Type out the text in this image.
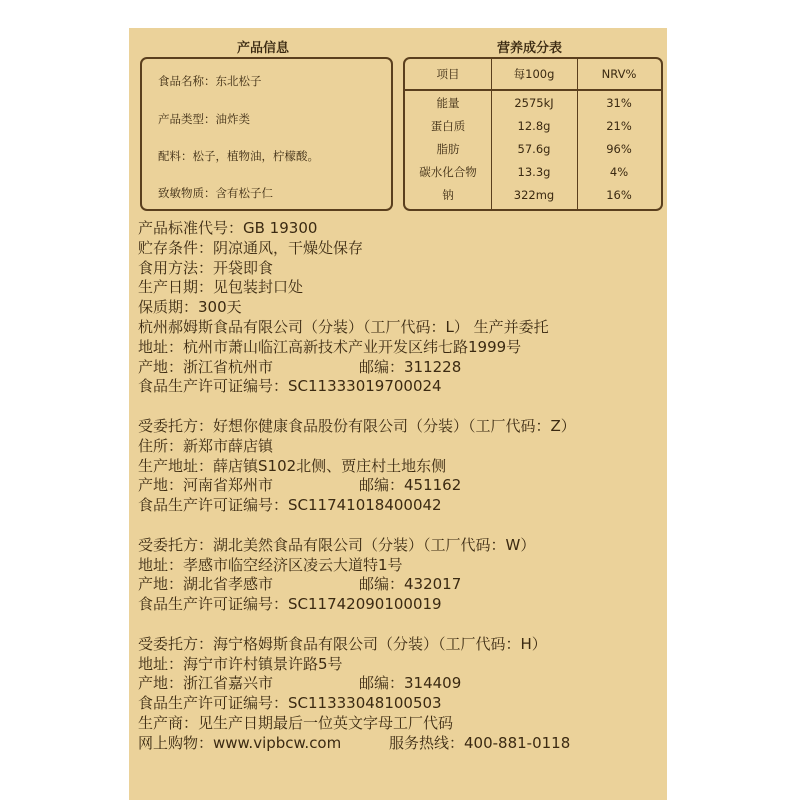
产品信息	营养成分表
食品名称：东北松子
产品类型：油炸类
配料：松子，植物油，柠檬酸。
致敏物质：含有松子仁
项目	每100g	NRV%
能量	2575kJ	31%
蛋白质	12.8g	21%
脂肪	57.6g	96%
碳水化合物	13.3g	4%
钠	322mg	16%
产品标准代号：GB 19300
贮存条件：阴凉通风，干燥处保存
食用方法：开袋即食
生产日期：见包装封口处
保质期：300天
杭州郝姆斯食品有限公司（分装）（工厂代码：L） 生产并委托
地址：杭州市萧山临江高新技术产业开发区纬七路1999号
产地：浙江省杭州市	邮编：311228
食品生产许可证编号：SC11333019700024
受委托方：好想你健康食品股份有限公司（分装）（工厂代码：Z）
住所：新郑市薛店镇
生产地址：薛店镇S102北侧、贾庄村土地东侧
产地：河南省郑州市	邮编：451162
食品生产许可证编号：SC11741018400042
受委托方：湖北美然食品有限公司（分装）（工厂代码：W）
地址：孝感市临空经济区凌云大道特1号
产地：湖北省孝感市	邮编：432017
食品生产许可证编号：SC11742090100019
受委托方：海宁格姆斯食品有限公司（分装）（工厂代码：H）
地址：海宁市许村镇景许路5号
产地：浙江省嘉兴市	邮编：314409
食品生产许可证编号：SC11333048100503
生产商：见生产日期最后一位英文字母工厂代码
网上购物：www.vipbcw.com	服务热线：400-881-0118
